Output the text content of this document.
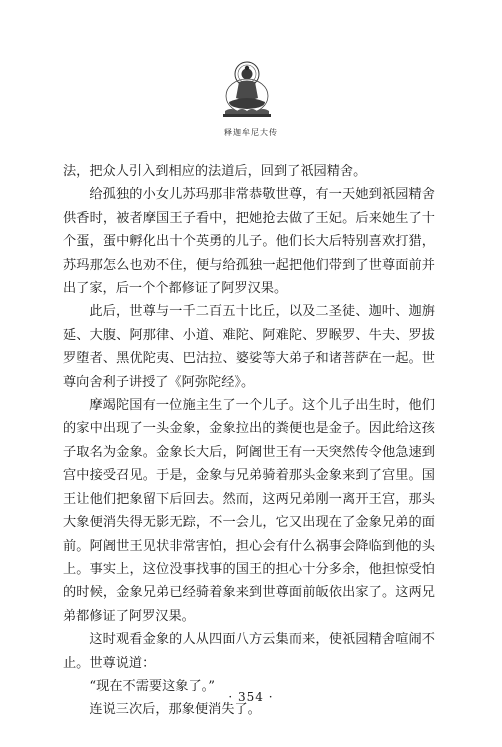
释迦牟尼大传

法，把众人引入到相应的法道后，回到了祇园精舍。

给孤独的小女儿苏玛那非常恭敬世尊，有一天她到祇园精舍供香时，被者摩国王子看中，把她抢去做了王妃。后来她生了十个蛋，蛋中孵化出十个英勇的儿子。他们长大后特别喜欢打猎，苏玛那怎么也劝不住，便与给孤独一起把他们带到了世尊面前并出了家，后一个个都修证了阿罗汉果。

此后，世尊与一千二百五十比丘，以及二圣徒、迦叶、迦旃延、大腹、阿那律、小道、难陀、阿难陀、罗睺罗、牛夫、罗拔罗堕者、黑优陀夷、巴沽拉、婆娑等大弟子和诸菩萨在一起。世尊向舍利子讲授了《阿弥陀经》。

摩竭陀国有一位施主生了一个儿子。这个儿子出生时，他们的家中出现了一头金象，金象拉出的粪便也是金子。因此给这孩子取名为金象。金象长大后，阿阇世王有一天突然传令他急速到宫中接受召见。于是，金象与兄弟骑着那头金象来到了宫里。国王让他们把象留下后回去。然而，这两兄弟刚一离开王宫，那头大象便消失得无影无踪，不一会儿，它又出现在了金象兄弟的面前。阿阇世王见状非常害怕，担心会有什么祸事会降临到他的头上。事实上，这位没事找事的国王的担心十分多余，他担惊受怕的时候，金象兄弟已经骑着象来到世尊面前皈依出家了。这两兄弟都修证了阿罗汉果。

这时观看金象的人从四面八方云集而来，使祇园精舍喧闹不止。世尊说道：

“现在不需要这象了。”

连说三次后，那象便消失了。

· 354 ·
